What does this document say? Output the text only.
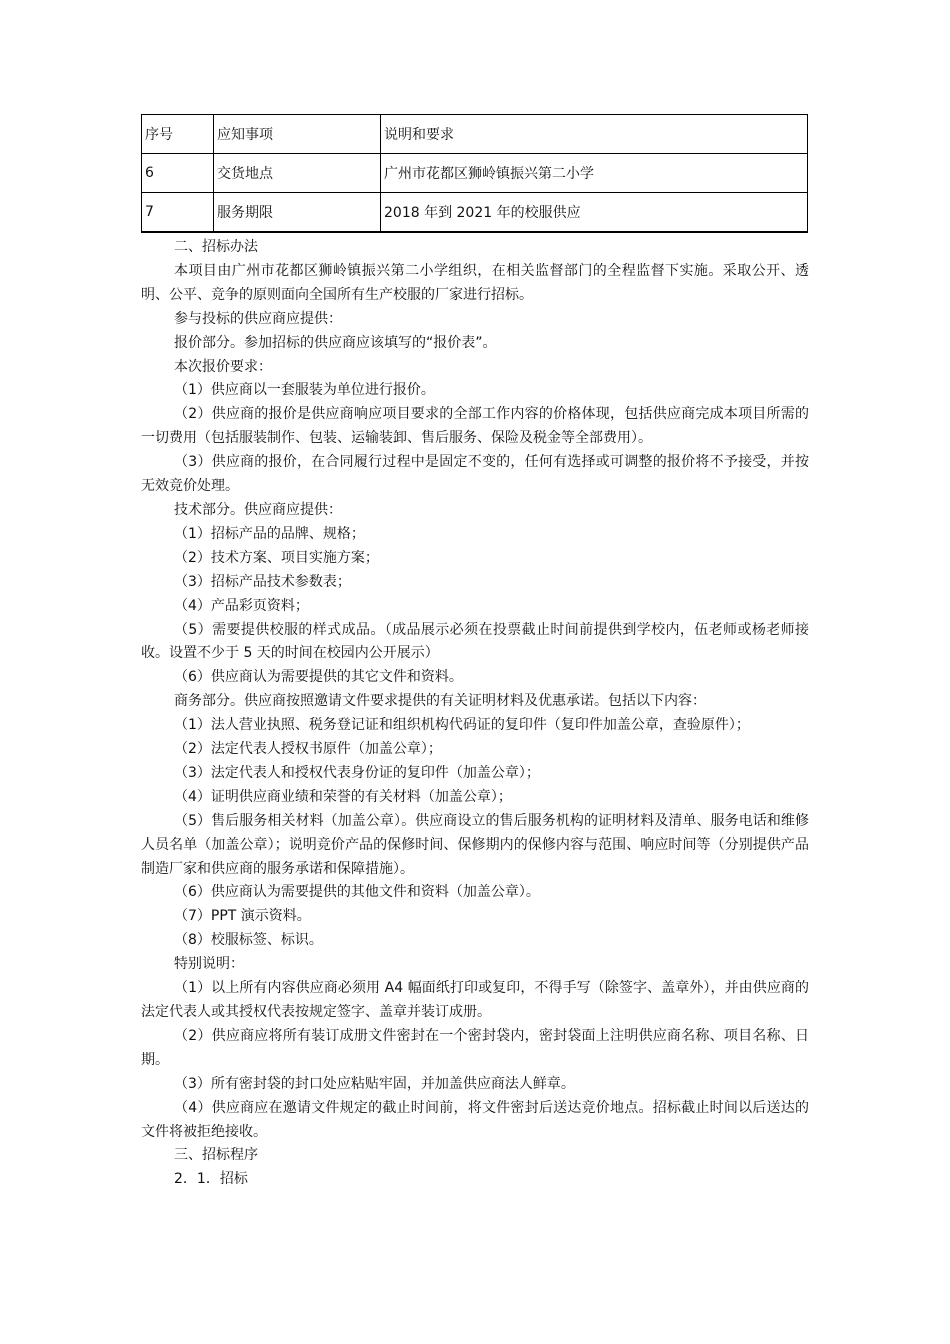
序号	应知事项	说明和要求
6	交货地点	广州市花都区狮岭镇振兴第二小学
7	服务期限	2018 年到 2021 年的校服供应

二、招标办法

本项目由广州市花都区狮岭镇振兴第二小学组织，在相关监督部门的全程监督下实施。采取公开、透明、公平、竞争的原则面向全国所有生产校服的厂家进行招标。

参与投标的供应商应提供：

报价部分。参加招标的供应商应该填写的“报价表”。

本次报价要求：

（1）供应商以一套服装为单位进行报价。

（2）供应商的报价是供应商响应项目要求的全部工作内容的价格体现，包括供应商完成本项目所需的一切费用（包括服装制作、包装、运输装卸、售后服务、保险及税金等全部费用）。

（3）供应商的报价，在合同履行过程中是固定不变的，任何有选择或可调整的报价将不予接受，并按无效竞价处理。

技术部分。供应商应提供：

（1）招标产品的品牌、规格；

（2）技术方案、项目实施方案；

（3）招标产品技术参数表；

（4）产品彩页资料；

（5）需要提供校服的样式成品。（成品展示必须在投票截止时间前提供到学校内，伍老师或杨老师接收。设置不少于 5 天的时间在校园内公开展示）

（6）供应商认为需要提供的其它文件和资料。

商务部分。供应商按照邀请文件要求提供的有关证明材料及优惠承诺。包括以下内容：

（1）法人营业执照、税务登记证和组织机构代码证的复印件（复印件加盖公章，查验原件）；

（2）法定代表人授权书原件（加盖公章）；

（3）法定代表人和授权代表身份证的复印件（加盖公章）；

（4）证明供应商业绩和荣誉的有关材料（加盖公章）；

（5）售后服务相关材料（加盖公章）。供应商设立的售后服务机构的证明材料及清单、服务电话和维修人员名单（加盖公章）；说明竞价产品的保修时间、保修期内的保修内容与范围、响应时间等（分别提供产品制造厂家和供应商的服务承诺和保障措施）。

（6）供应商认为需要提供的其他文件和资料（加盖公章）。

（7）PPT 演示资料。

（8）校服标签、标识。

特别说明：

（1）以上所有内容供应商必须用 A4 幅面纸打印或复印，不得手写（除签字、盖章外），并由供应商的法定代表人或其授权代表按规定签字、盖章并装订成册。

（2）供应商应将所有装订成册文件密封在一个密封袋内，密封袋面上注明供应商名称、项目名称、日期。

（3）所有密封袋的封口处应粘贴牢固，并加盖供应商法人鲜章。

（4）供应商应在邀请文件规定的截止时间前，将文件密封后送达竞价地点。招标截止时间以后送达的文件将被拒绝接收。

三、招标程序

2．1．招标
